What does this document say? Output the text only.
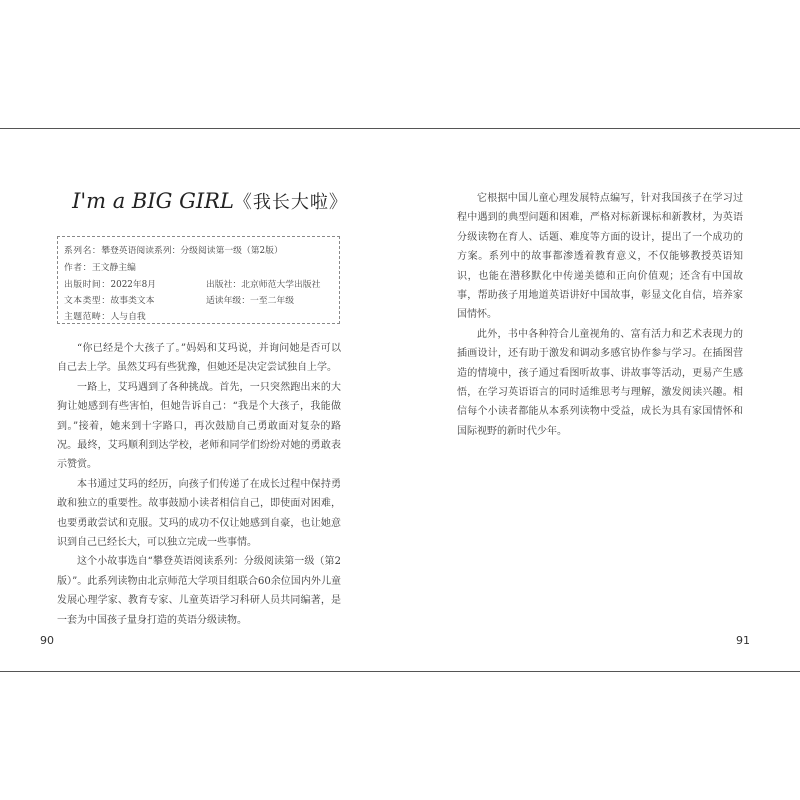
I'm a BIG GIRL《我长大啦》
系列名：攀登英语阅读系列：分级阅读第一级（第2版）
作者：王文静主编
出版时间：2022年8月	出版社：北京师范大学出版社
文本类型：故事类文本	适读年级：一至二年级
主题范畴：人与自我

“你已经是个大孩子了。”妈妈和艾玛说，并询问她是否可以自己去上学。虽然艾玛有些犹豫，但她还是决定尝试独自上学。

一路上，艾玛遇到了各种挑战。首先，一只突然跑出来的大狗让她感到有些害怕，但她告诉自己：“我是个大孩子，我能做到。”接着，她来到十字路口，再次鼓励自己勇敢面对复杂的路况。最终，艾玛顺利到达学校，老师和同学们纷纷对她的勇敢表示赞赏。

本书通过艾玛的经历，向孩子们传递了在成长过程中保持勇敢和独立的重要性。故事鼓励小读者相信自己，即使面对困难，也要勇敢尝试和克服。艾玛的成功不仅让她感到自豪，也让她意识到自己已经长大，可以独立完成一些事情。

这个小故事选自“攀登英语阅读系列：分级阅读第一级（第2版）”。此系列读物由北京师范大学项目组联合60余位国内外儿童发展心理学家、教育专家、儿童英语学习科研人员共同编著，是一套为中国孩子量身打造的英语分级读物。

90

它根据中国儿童心理发展特点编写，针对我国孩子在学习过程中遇到的典型问题和困难，严格对标新课标和新教材，为英语分级读物在育人、话题、难度等方面的设计，提出了一个成功的方案。系列中的故事都渗透着教育意义，不仅能够教授英语知识，也能在潜移默化中传递美德和正向价值观；还含有中国故事，帮助孩子用地道英语讲好中国故事，彰显文化自信，培养家国情怀。

此外，书中各种符合儿童视角的、富有活力和艺术表现力的插画设计，还有助于激发和调动多感官协作参与学习。在插图营造的情境中，孩子通过看图听故事、讲故事等活动，更易产生感悟，在学习英语语言的同时适维思考与理解，激发阅读兴趣。相信每个小读者都能从本系列读物中受益，成长为具有家国情怀和国际视野的新时代少年。

91
